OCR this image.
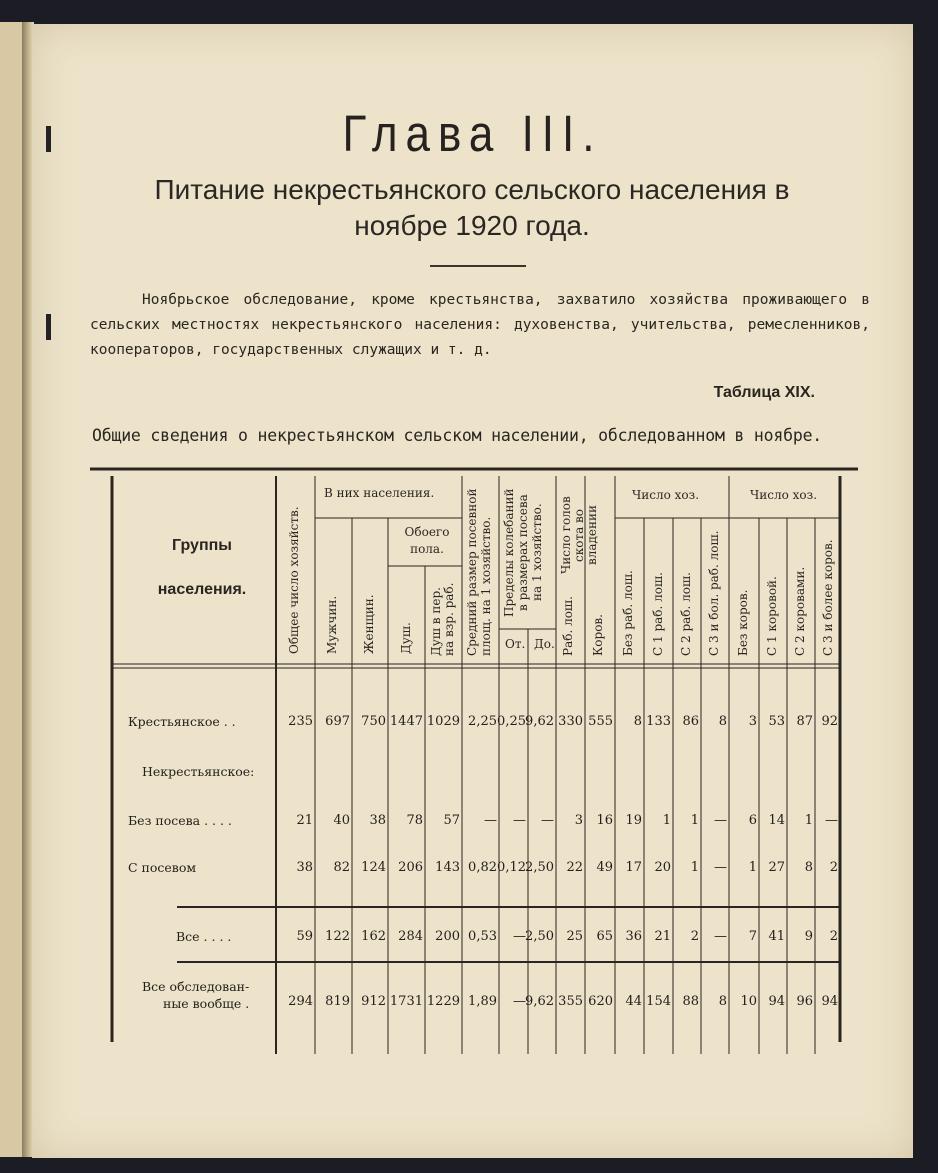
Глава III.
Питание некрестьянского сельского населения в
ноябре 1920 года.
Ноябрьское обследование, кроме крестьянства, захватило хозяйства проживающего в сельских местностях некрестьянского населения: духовенства, учительства, ремесленников, кооператоров, государственных служащих и т. д.
Таблица XIX.
Общие сведения о некрестьянском сельском населении, обследованном в ноябре.
Группы
населения.	Общее число хозяйств.
В них населения.
Мужчин. Женщин.
Обоего пола.
Душ. Душ в пер. на взр. раб. Средний размер посевной
площ. на 1 хозяйство. Пределы колебаний
в размерах посева
на 1 хозяйство.
От. До.
Число голов скота во владении
Раб. лош. Коров.
Число хоз.
Без раб. лош. С 1 раб. лош. С 2 раб. лош. С 3 и бол. раб. лош.
Число хоз.
Без коров. С 1 коровой. С 2 коровами. С 3 и более коров.
Крестьянское . .
Некрестьянское:
Без посева . . . .
С посевом
Все . . . .
Все обследован-
ные вообще .
235 697 750 1447 1029 2,25 0,25 9,62 330 555 8 133 86 8 3 53 87 92
21 40 38 78 57 — — — 3 16 19 1 1 — 6 14 1 —
38 82 124 206 143 0,82 0,12 2,50 22 49 17 20 1 — 1 27 8 2
59 122 162 284 200 0,53 — 2,50 25 65 36 21 2 — 7 41 9 2
294 819 912 1731 1229 1,89 — 9,62 355 620 44 154 88 8 10 94 96 94
